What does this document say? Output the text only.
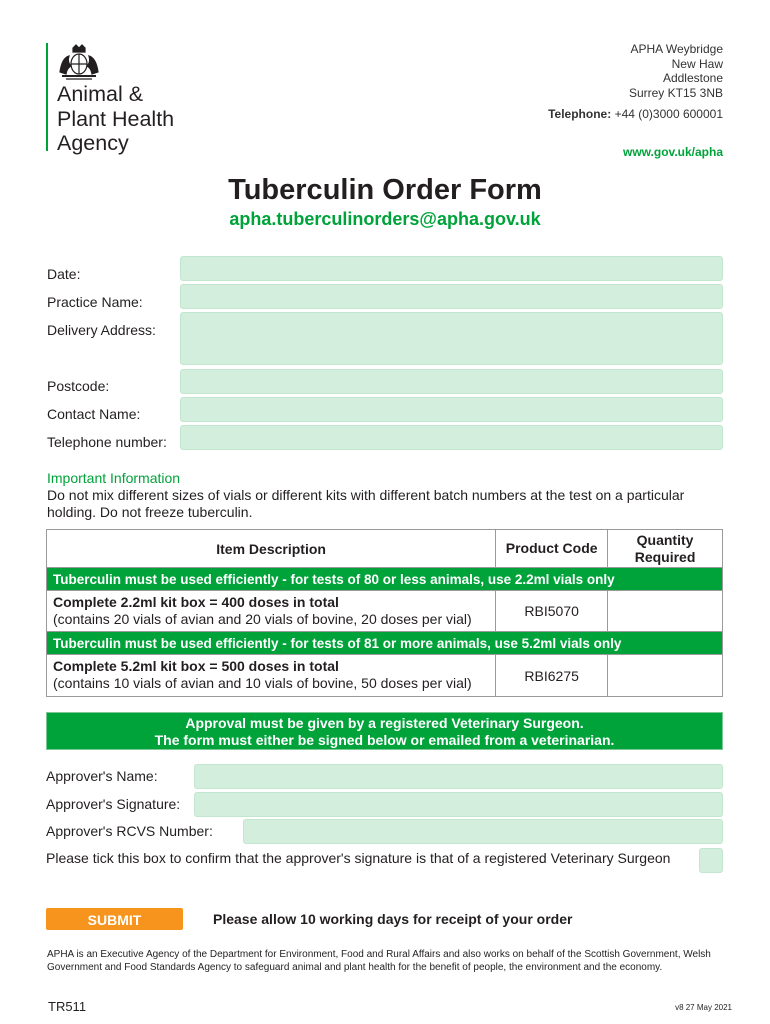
Animal &
Plant Health
Agency
APHA Weybridge
New Haw
Addlestone
Surrey KT15 3NB
Telephone: +44 (0)3000 600001
www.gov.uk/apha
Tuberculin Order Form
apha.tuberculinorders@apha.gov.uk
Date:
Practice Name:
Delivery Address:
Postcode:
Contact Name:
Telephone number:
Important Information
Do not mix different sizes of vials or different kits with different batch numbers at the test on a particular holding. Do not freeze tuberculin.
Item Description	Product Code	Quantity Required
Tuberculin must be used efficiently - for tests of 80 or less animals, use 2.2ml vials only		

Complete 2.2ml kit box = 400 doses in total
(contains 20 vials of avian and 20 vials of bovine, 20 doses per vial)	RBI5070	
Tuberculin must be used efficiently - for tests of 81 or more animals, use 5.2ml vials only		

Complete 5.2ml kit box = 500 doses in total
(contains 10 vials of avian and 10 vials of bovine, 50 doses per vial)	RBI6275	
Approval must be given by a registered Veterinary Surgeon.
The form must either be signed below or emailed from a veterinarian.
Approver's Name:
Approver's Signature:
Approver's RCVS Number:
Please tick this box to confirm that the approver's signature is that of a registered Veterinary Surgeon
SUBMIT	Please allow 10 working days for receipt of your order
APHA is an Executive Agency of the Department for Environment, Food and Rural Affairs and also works on behalf of the Scottish Government, Welsh Government and Food Standards Agency to safeguard animal and plant health for the benefit of people, the environment and the economy.
TR511	v8 27 May 2021
